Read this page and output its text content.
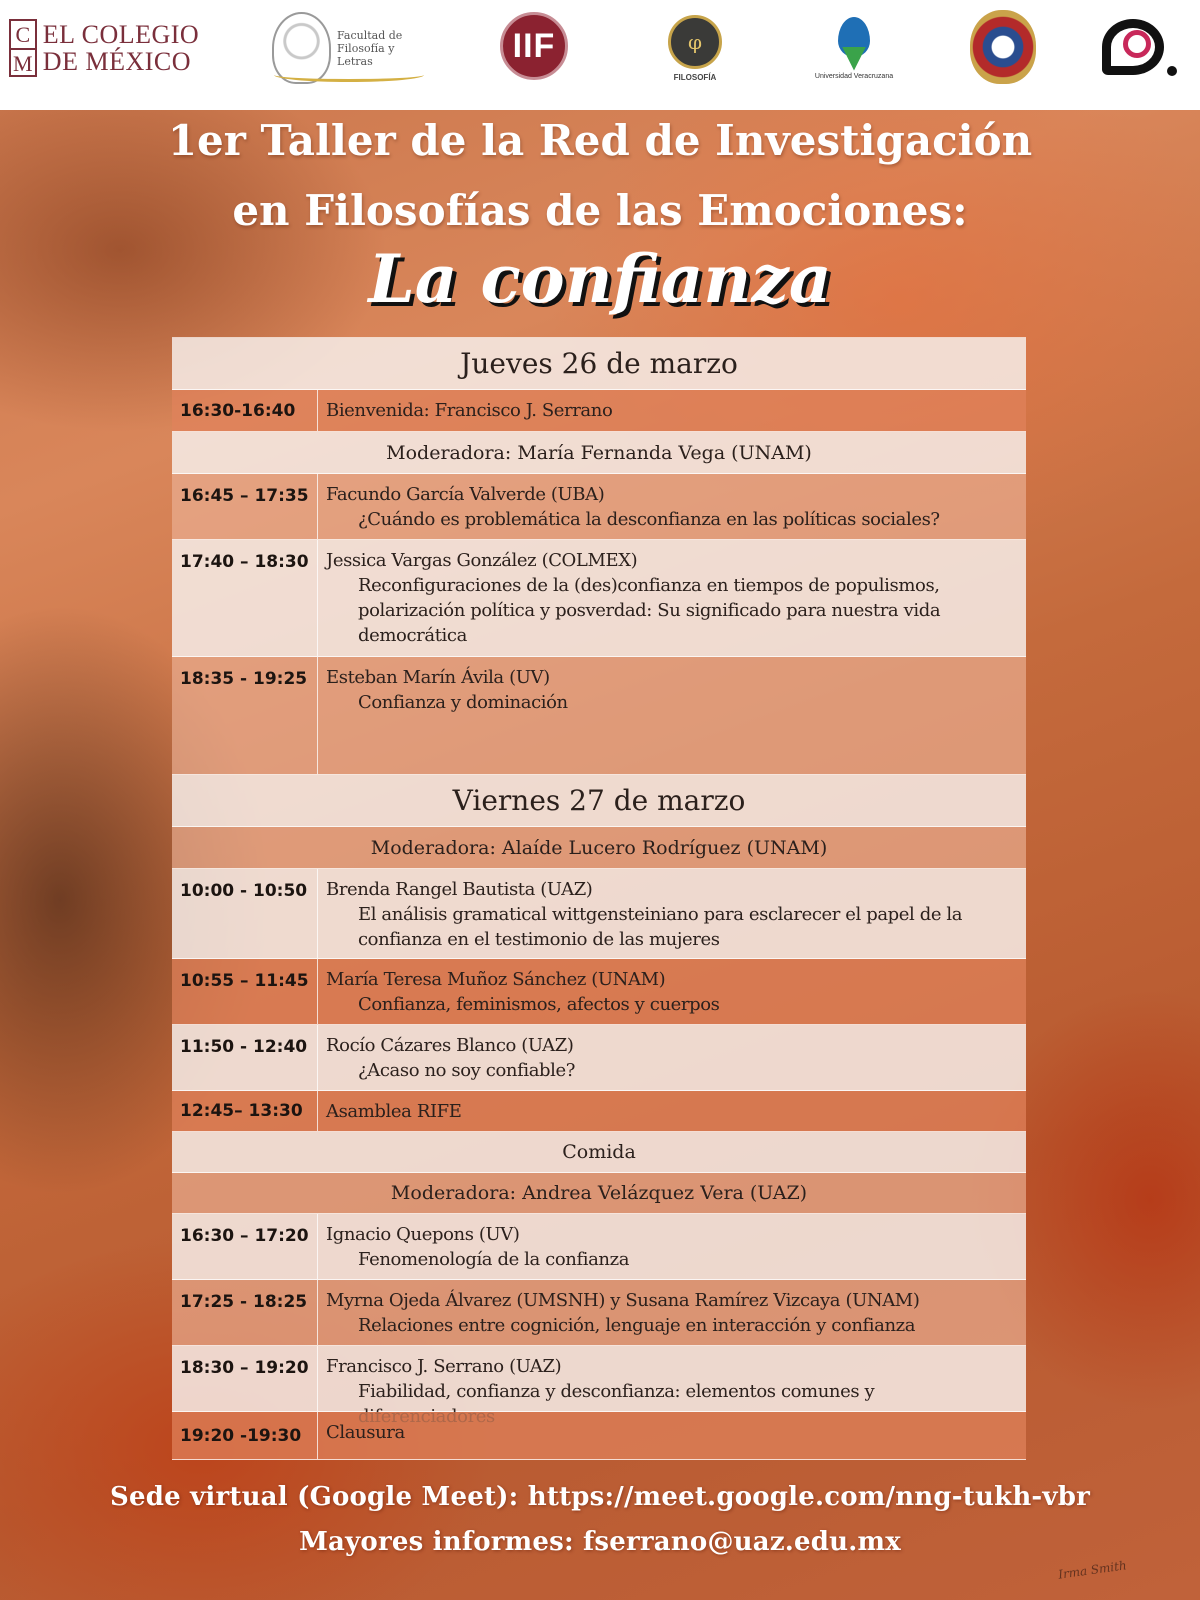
C
M
EL COLEGIO
DE MÉXICO
Facultad de
Filosofía y Letras	IIF	φ
FILOSOFÍA	Universidad Veracruzana
1er Taller de la Red de Investigación
en Filosofías de las Emociones:
La confianza
Jueves 26 de marzo
16:30-16:40	Bienvenida: Francisco J. Serrano
Moderadora: María Fernanda Vega (UNAM)
16:45 – 17:35 Facundo García Valverde (UBA)
¿Cuándo es problemática la desconfianza en las políticas sociales?
17:40 – 18:30 Jessica Vargas González (COLMEX)
Reconfiguraciones de la (des)confianza en tiempos de populismos, polarización política y posverdad: Su significado para nuestra vida democrática
18:35 - 19:25	Esteban Marín Ávila (UV)
Confianza y dominación
Viernes 27 de marzo
Moderadora: Alaíde Lucero Rodríguez (UNAM)
10:00 - 10:50	Brenda Rangel Bautista (UAZ)
El análisis gramatical wittgensteiniano para esclarecer el papel de la confianza en el testimonio de las mujeres
10:55 – 11:45 María Teresa Muñoz Sánchez (UNAM)
Confianza, feminismos, afectos y cuerpos
11:50 - 12:40	Rocío Cázares Blanco (UAZ)
¿Acaso no soy confiable?
12:45– 13:30	Asamblea RIFE
Comida
Moderadora: Andrea Velázquez Vera (UAZ)
16:30 – 17:20 Ignacio Quepons (UV)
Fenomenología de la confianza
17:25 - 18:25	Myrna Ojeda Álvarez (UMSNH) y Susana Ramírez Vizcaya (UNAM)
Relaciones entre cognición, lenguaje en interacción y confianza
18:30 – 19:20 Francisco J. Serrano (UAZ)
Fiabilidad, confianza y desconfianza: elementos comunes y
19:20 -19:30	Clausura
Sede virtual (Google Meet): https://meet.google.com/nng-tukh-vbr
Mayores informes: fserrano@uaz.edu.mx
Irma Smith
